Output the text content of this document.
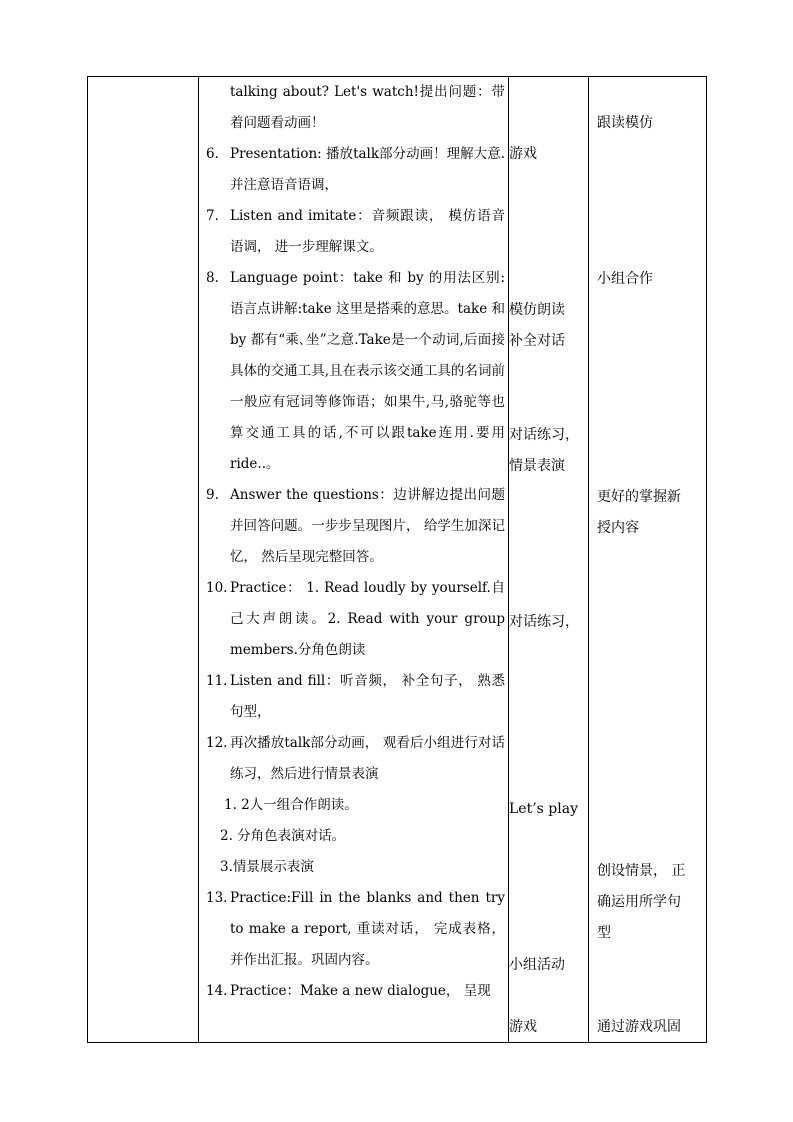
talking about? Let's watch!提出问题：带着问题看动画！
6. Presentation: 播放talk部分动画！理解大意.并注意语音语调，
7. Listen and imitate：音频跟读， 模仿语音语调， 进一步理解课文。
8. Language point：take 和 by 的用法区别: 语言点讲解:take 这里是搭乘的意思。take 和 by 都有“乘､坐”之意.Take是一个动词,后面接具体的交通工具,且在表示该交通工具的名词前一般应有冠词等修饰语；如果牛,马,骆驼等也算交通工具的话,不可以跟take连用.要用ride..。
9. Answer the questions：边讲解边提出问题并回答问题。一步步呈现图片， 给学生加深记忆， 然后呈现完整回答。
10. Practice： 1. Read loudly by yourself.自己大声朗读。2. Read with your group members.分角色朗读
11. Listen and fill：听音频， 补全句子， 熟悉句型，
12. 再次播放talk部分动画， 观看后小组进行对话练习，然后进行情景表演
1. 2人一组合作朗读。
2. 分角色表演对话。
3.情景展示表演
13. Practice:Fill in the blanks and then try to make a report, 重读对话， 完成表格，并作出汇报。巩固内容。
14. Practice：Make a new dialogue， 呈现
游戏
模仿朗读
补全对话
对话练习，
情景表演
对话练习，
Let’s play
小组活动
游戏
跟读模仿
小组合作
更好的掌握新
授内容
创设情景， 正
确运用所学句
型
通过游戏巩固
